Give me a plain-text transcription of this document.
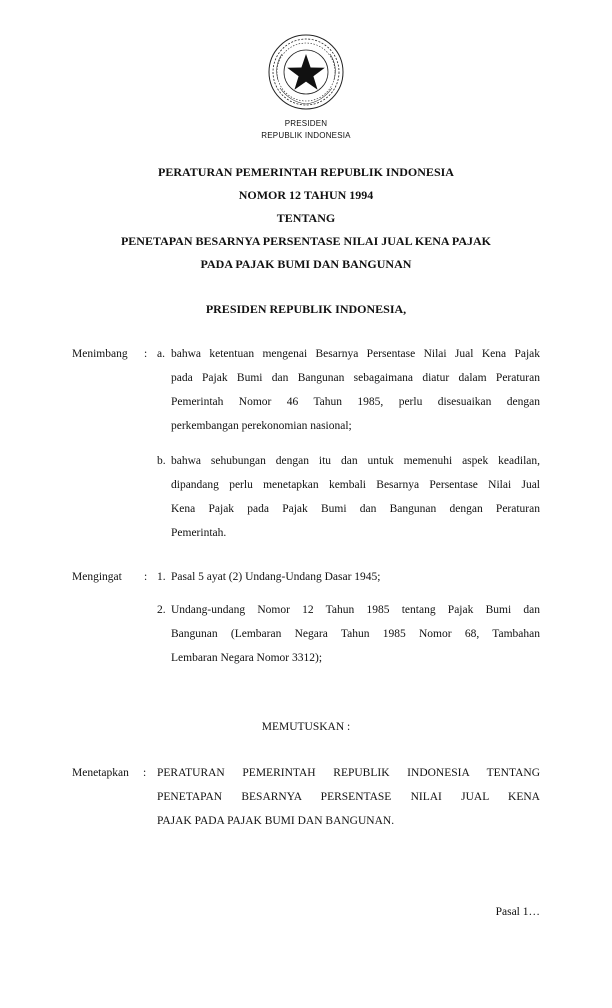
PRESIDEN
REPUBLIK INDONESIA
PERATURAN PEMERINTAH REPUBLIK INDONESIA
NOMOR 12 TAHUN 1994
TENTANG
PENETAPAN BESARNYA PERSENTASE NILAI JUAL KENA PAJAK
PADA PAJAK BUMI DAN BANGUNAN
PRESIDEN REPUBLIK INDONESIA,
Menimbang : a. bahwa ketentuan mengenai Besarnya Persentase Nilai Jual Kena Pajak
pada Pajak Bumi dan Bangunan sebagaimana diatur dalam Peraturan
Pemerintah Nomor 46 Tahun 1985, perlu disesuaikan dengan
perkembangan perekonomian nasional;
b. bahwa sehubungan dengan itu dan untuk memenuhi aspek keadilan,
dipandang perlu menetapkan kembali Besarnya Persentase Nilai Jual
Kena Pajak pada Pajak Bumi dan Bangunan dengan Peraturan
Pemerintah.
Mengingat : 1. Pasal 5 ayat (2) Undang-Undang Dasar 1945;
2. Undang-undang Nomor 12 Tahun 1985 tentang Pajak Bumi dan
Bangunan (Lembaran Negara Tahun 1985 Nomor 68, Tambahan
Lembaran Negara Nomor 3312);
MEMUTUSKAN :
Menetapkan : PERATURAN PEMERINTAH REPUBLIK INDONESIA TENTANG
PENETAPAN BESARNYA PERSENTASE NILAI JUAL KENA
PAJAK PADA PAJAK BUMI DAN BANGUNAN.
Pasal 1…
